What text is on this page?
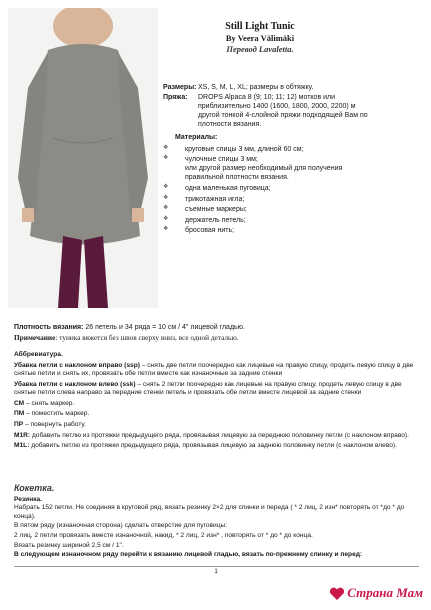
Still Light Tunic
By Veera Välimäki
Перевод Lavaletta.
Размеры: XS, S, M, L, XL; размеры в обтяжку.
Пряжа:	DROPS Alpaca 8 (9; 10; 11; 12) мотков или

приблизительно 1400 (1600, 1800, 2000, 2200) м

другой тонкой 4-слойной пряжи подходящей Вам по

плотности вязания.

Материалы:
❖	круговые спицы 3 мм, длиной 60 см;

❖	чулочные спицы 3 мм;

или другой размер необходимый для получения

правильной плотности вязания.

❖	одна маленькая пуговица;

❖	трикотажная игла;

❖	съемные маркеры;

❖	держатель петель;

❖	бросовая нить;

Плотность вязания: 26 петель и 34 ряда = 10 см / 4" лицевой гладью.
Примечание: туника вяжется без швов сверху вниз, все одной деталью.
Аббревиатура.

Убавка петли с наклоном вправо (ssp) – снять две петли поочередно как лицевые на правую спицу, продеть левую спицу в две снятые петли и снять их, провязать обе петли вместе как изнаночные за задние стенки

Убавка петли с наклоном влево (ssk) – снять 2 петли поочередно как лицевые на правую спицу, продеть левую спицу в две снятые петли слева направо за передние стенки петель и провязать обе петли вместе лицевой за задние стенки

СМ – снять маркер.

ПМ – поместить маркер.

ПР – повернуть работу.

М1R: добавить петлю из протяжки предыдущего ряда, провязывая лицевую за переднюю половинку петли (с наклоном вправо).

М1L: добавить петлю из протяжки предыдущего ряда, провязывая лицевую за заднюю половинку петли (с наклоном влево).

Кокетка.
Резинка.

Набрать 152 петли. Не соединяя в круговой ряд, вязать резинку 2×2 для спинки и переда ( * 2 лиц, 2 изн* повторять от *до * до конца).

В пятом ряду (изнаночная сторона) сделать отверстие для пуговицы:

2 лиц, 2 петли провязать вместе изнаночной, накид, * 2 лиц, 2 изн* , повторять от * до * до конца.

Вязать резинку шириной 2,5 см / 1".

В следующем изнаночном ряду перейти к вязанию лицевой гладью, вязать по-прежнему спинку и перед:

1
Страна Мам
